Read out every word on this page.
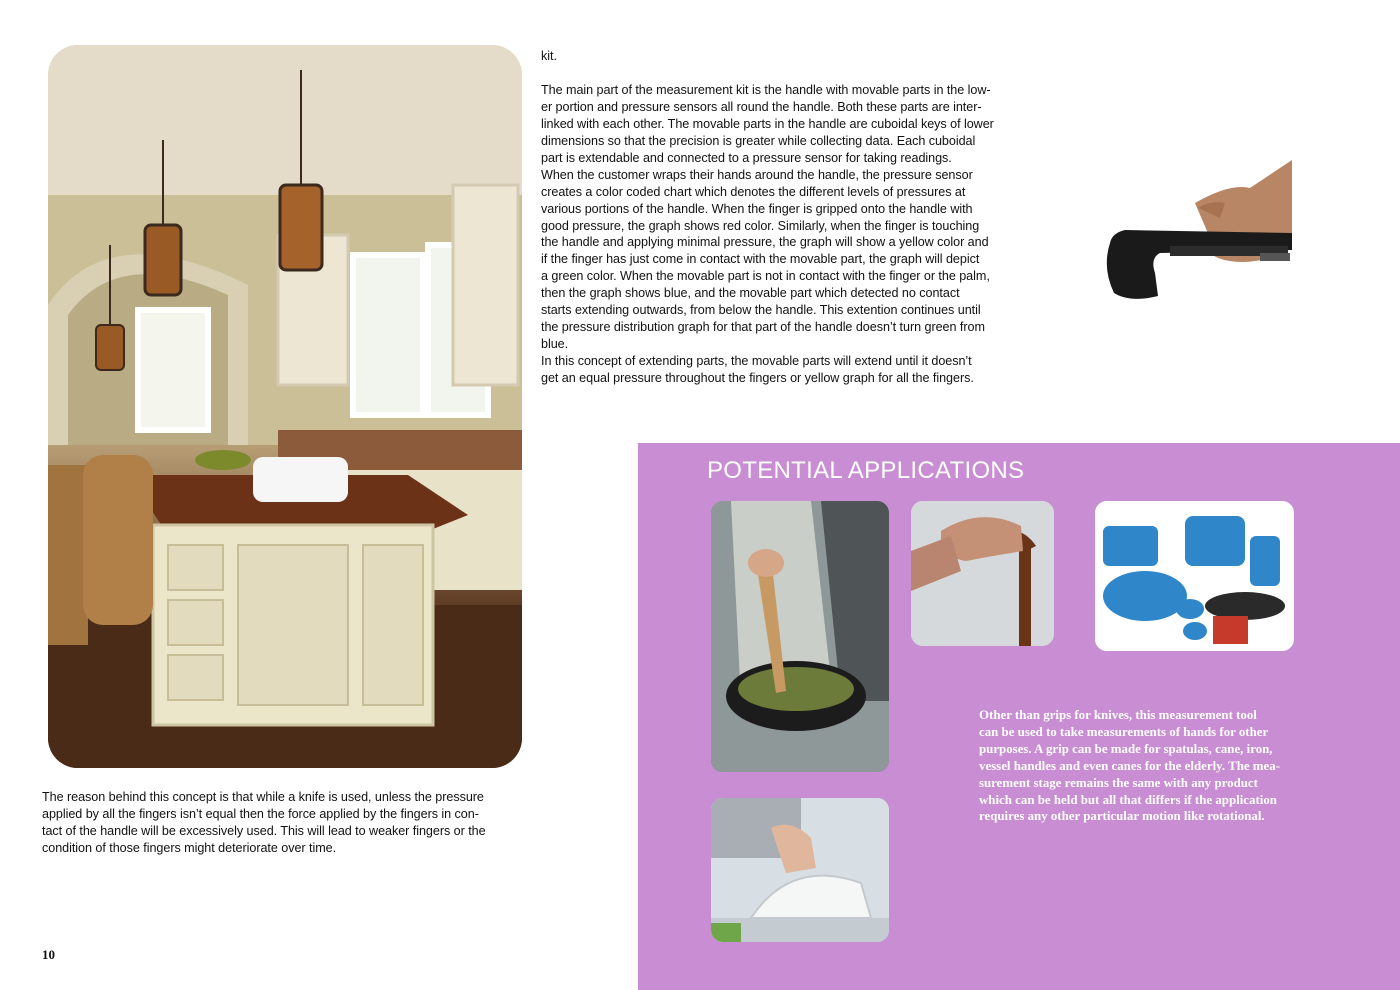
kit.

The main part of the measurement kit is the handle with movable parts in the low-
er portion and pressure sensors all round the handle. Both these parts are inter-
linked with each other. The movable parts in the handle are cuboidal keys of lower
dimensions so that the precision is greater while collecting data. Each cuboidal
part is extendable and connected to a pressure sensor for taking readings.
When the customer wraps their hands around the handle, the pressure sensor
creates a color coded chart which denotes the different levels of pressures at
various portions of the handle. When the finger is gripped onto the handle with
good pressure, the graph shows red color. Similarly, when the finger is touching
the handle and applying minimal pressure, the graph will show a yellow color and
if the finger has just come in contact with the movable part, the graph will depict
a green color. When the movable part is not in contact with the finger or the palm,
then the graph shows blue, and the movable part which detected no contact
starts extending outwards, from below the handle. This extention continues until
the pressure distribution graph for that part of the handle doesn’t turn green from
blue.
In this concept of extending parts, the movable parts will extend until it doesn’t
get an equal pressure throughout the fingers or yellow graph for all the fingers.

The reason behind this concept is that while a knife is used, unless the pressure
applied by all the fingers isn’t equal then the force applied by the fingers in con-
tact of the handle will be excessively used. This will lead to weaker fingers or the
condition of those fingers might deteriorate over time.

10
POTENTIAL APPLICATIONS

Other than grips for knives, this measurement tool
can be used to take measurements of hands for other
purposes. A grip can be made for spatulas, cane, iron,
vessel handles and even canes for the elderly. The mea-
surement stage remains the same with any product
which can be held but all that differs if the application
requires any other particular motion like rotational.
